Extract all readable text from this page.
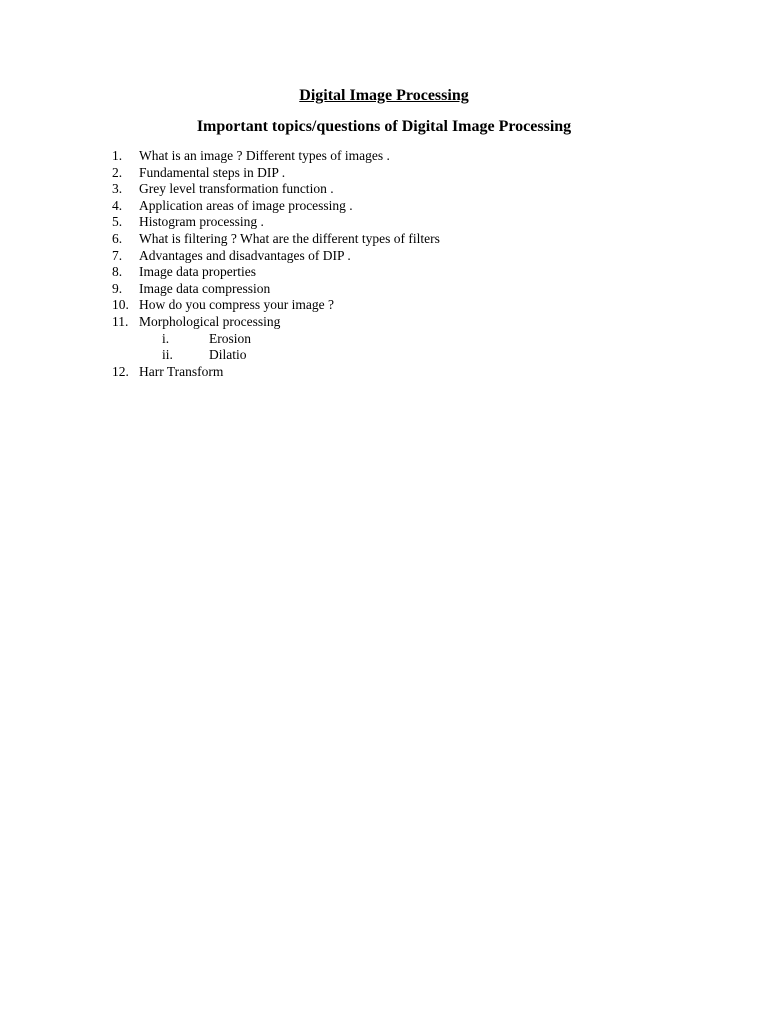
Digital Image Processing
Important topics/questions of Digital Image Processing
1.	What is an image ? Different types of images .
2.	Fundamental steps in DIP .
3.	Grey level transformation function .
4.	Application areas of image processing .
5.	Histogram processing .
6.	What is filtering ? What are the different types of filters
7.	Advantages and disadvantages of DIP .
8.	Image data properties
9.	Image data compression
10. How do you compress your image ?
11. Morphological processing
i.	Erosion
ii.	Dilatio
12. Harr Transform
